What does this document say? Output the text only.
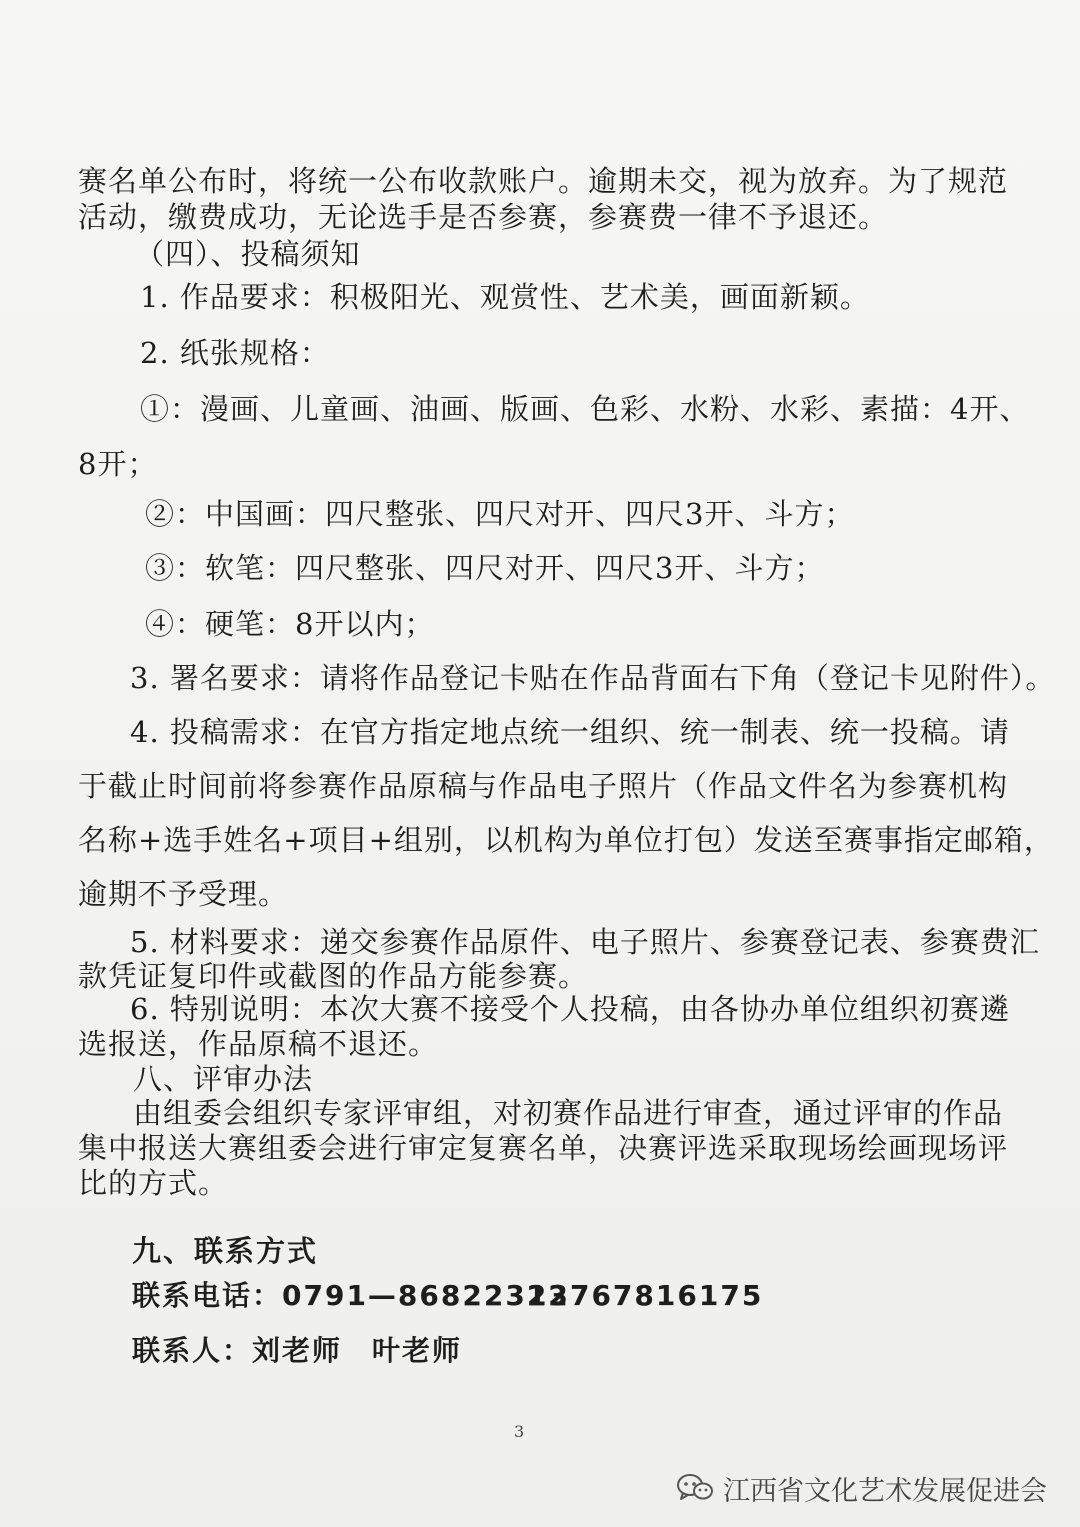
赛名单公布时，将统一公布收款账户。逾期未交，视为放弃。为了规范
活动，缴费成功，无论选手是否参赛，参赛费一律不予退还。
（四）、投稿须知
1. 作品要求：积极阳光、观赏性、艺术美，画面新颖。
2. 纸张规格：
①：漫画、儿童画、油画、版画、色彩、水粉、水彩、素描：4开、
8开；
②：中国画：四尺整张、四尺对开、四尺3开、斗方；
③：软笔：四尺整张、四尺对开、四尺3开、斗方；
④：硬笔：8开以内；
3. 署名要求：请将作品登记卡贴在作品背面右下角（登记卡见附件）。
4. 投稿需求：在官方指定地点统一组织、统一制表、统一投稿。请
于截止时间前将参赛作品原稿与作品电子照片（作品文件名为参赛机构
名称+选手姓名+项目+组别，以机构为单位打包）发送至赛事指定邮箱，
逾期不予受理。
5. 材料要求：递交参赛作品原件、电子照片、参赛登记表、参赛费汇
款凭证复印件或截图的作品方能参赛。
6. 特别说明：本次大赛不接受个人投稿，由各协办单位组织初赛遴
选报送，作品原稿不退还。
八、评审办法
由组委会组织专家评审组，对初赛作品进行审查，通过评审的作品
集中报送大赛组委会进行审定复赛名单，决赛评选采取现场绘画现场评
比的方式。
九、联系方式
联系电话：0791—86822322
13767816175
联系人：刘老师　叶老师
3
江西省文化艺术发展促进会
